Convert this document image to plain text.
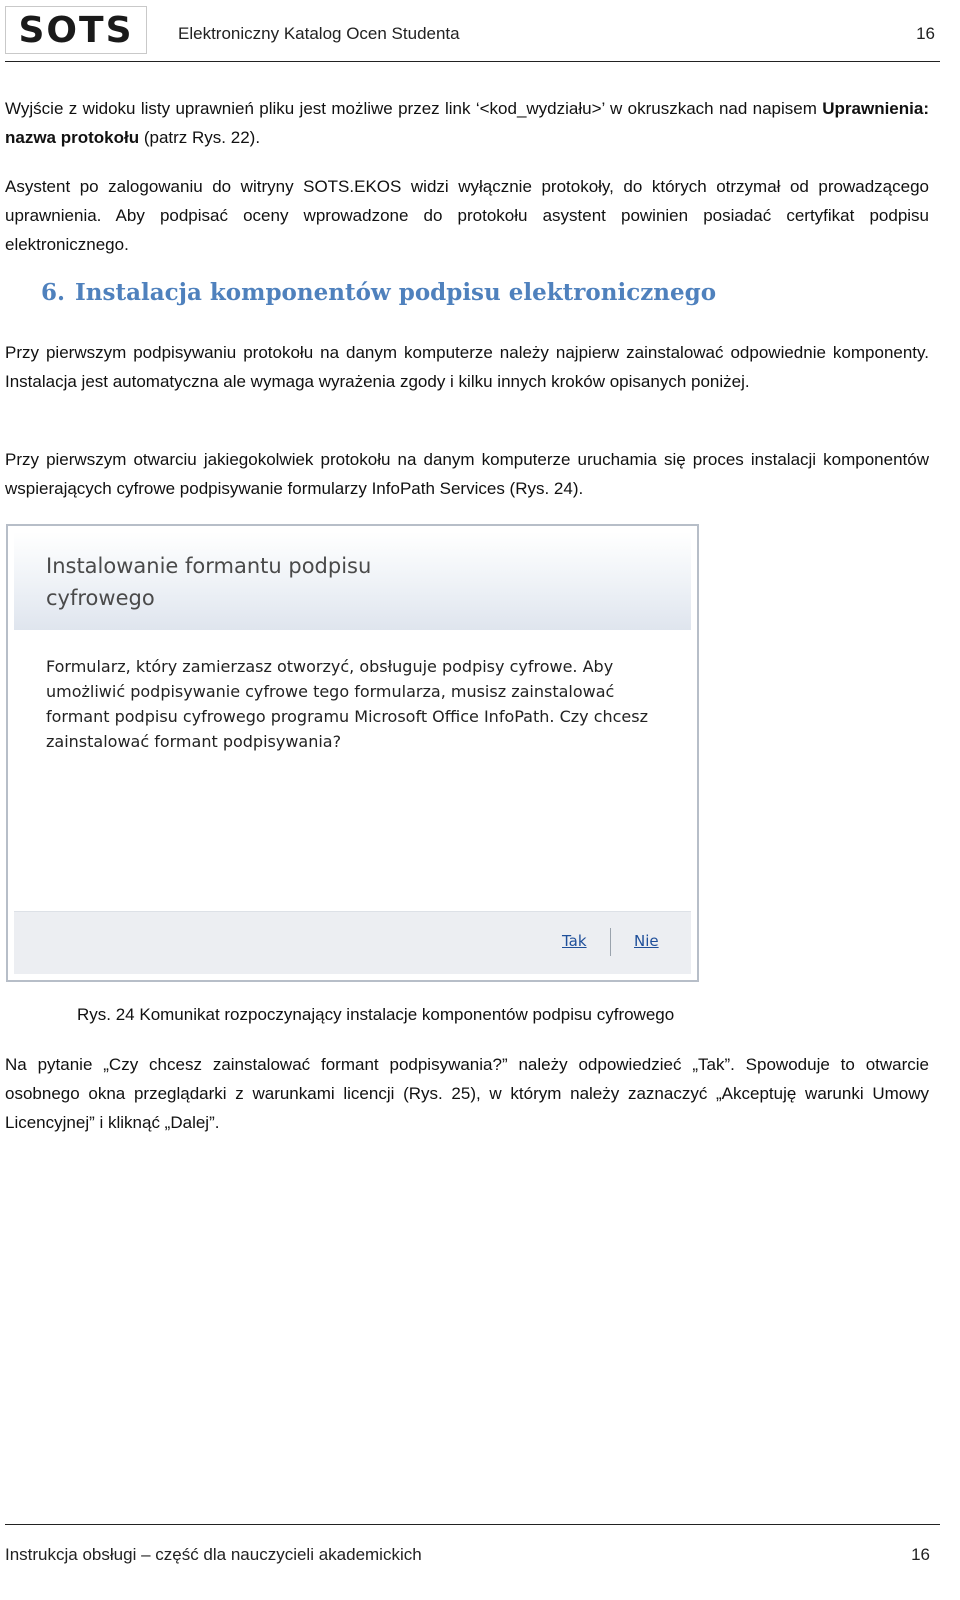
SOTS	Elektroniczny Katalog Ocen Studenta	16
Wyjście z widoku listy uprawnień pliku jest możliwe przez link ‘<kod_wydziału>’ w okruszkach nad napisem Uprawnienia: nazwa protokołu (patrz Rys. 22).
Asystent po zalogowaniu do witryny SOTS.EKOS widzi wyłącznie protokoły, do których otrzymał od prowadzącego uprawnienia. Aby podpisać oceny wprowadzone do protokołu asystent powinien posiadać certyfikat podpisu elektronicznego.
6. Instalacja komponentów podpisu elektronicznego
Przy pierwszym podpisywaniu protokołu na danym komputerze należy najpierw zainstalować odpowiednie komponenty. Instalacja jest automatyczna ale wymaga wyrażenia zgody i kilku innych kroków opisanych poniżej.
Przy pierwszym otwarciu jakiegokolwiek protokołu na danym komputerze uruchamia się proces instalacji komponentów wspierających cyfrowe podpisywanie formularzy InfoPath Services (Rys. 24).
Instalowanie formantu podpisu cyfrowego
Formularz, który zamierzasz otworzyć, obsługuje podpisy cyfrowe. Aby umożliwić podpisywanie cyfrowe tego formularza, musisz zainstalować formant podpisu cyfrowego programu Microsoft Office InfoPath. Czy chcesz zainstalować formant podpisywania?
Tak	Nie
Rys. 24 Komunikat rozpoczynający instalacje komponentów podpisu cyfrowego
Na pytanie „Czy chcesz zainstalować formant podpisywania?” należy odpowiedzieć „Tak”. Spowoduje to otwarcie osobnego okna przeglądarki z warunkami licencji (Rys. 25), w którym należy zaznaczyć „Akceptuję warunki Umowy Licencyjnej” i kliknąć „Dalej”.
Instrukcja obsługi – część dla nauczycieli akademickich	16
